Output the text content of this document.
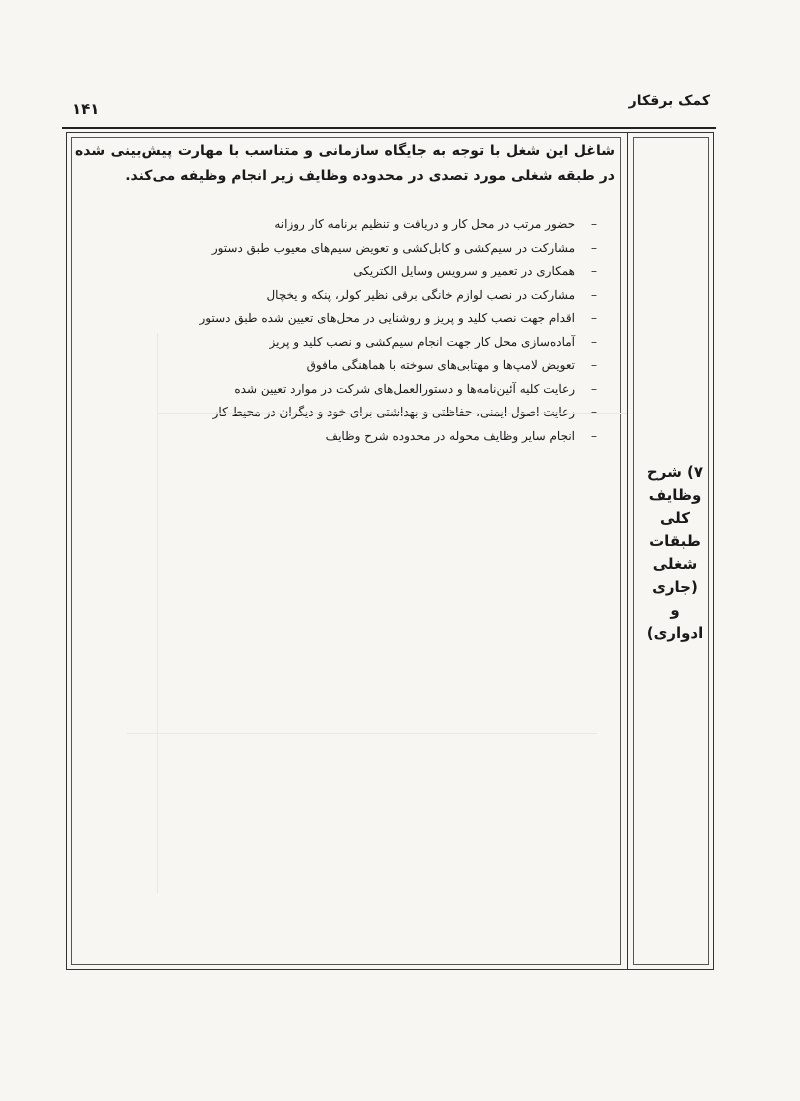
کمک برقکار
۱۴۱
۷) شرح
وظایف
کلی
طبقات
شغلی
(جاری و
ادواری)
شاغل این شغل با توجه به جایگاه سازمانی و متناسب با مهارت پیش‌بینی شده در طبقه شغلی مورد تصدی در محدوده وظایف زیر انجام وظیفه می‌کند.
–
حضور مرتب در محل کار و دریافت و تنظیم برنامه کار روزانه
–
مشارکت در سیم‌کشی و کابل‌کشی و تعویض سیم‌های معیوب طبق دستور
–
همکاری در تعمیر و سرویس وسایل الکتریکی
–
مشارکت در نصب لوازم خانگی برقی نظیر کولر، پنکه و یخچال
–
اقدام جهت نصب کلید و پریز و روشنایی در محل‌های تعیین شده طبق دستور
–
آماده‌سازی محل کار جهت انجام سیم‌کشی و نصب کلید و پریز
–
تعویض لامپ‌ها و مهتابی‌های سوخته با هماهنگی مافوق
–
رعایت کلیه آئین‌نامه‌ها و دستورالعمل‌های شرکت در موارد تعیین شده
–
رعایت اصول ایمنی، حفاظتی و بهداشتی برای خود و دیگران در محیط کار
–
انجام سایر وظایف محوله در محدوده شرح وظایف
